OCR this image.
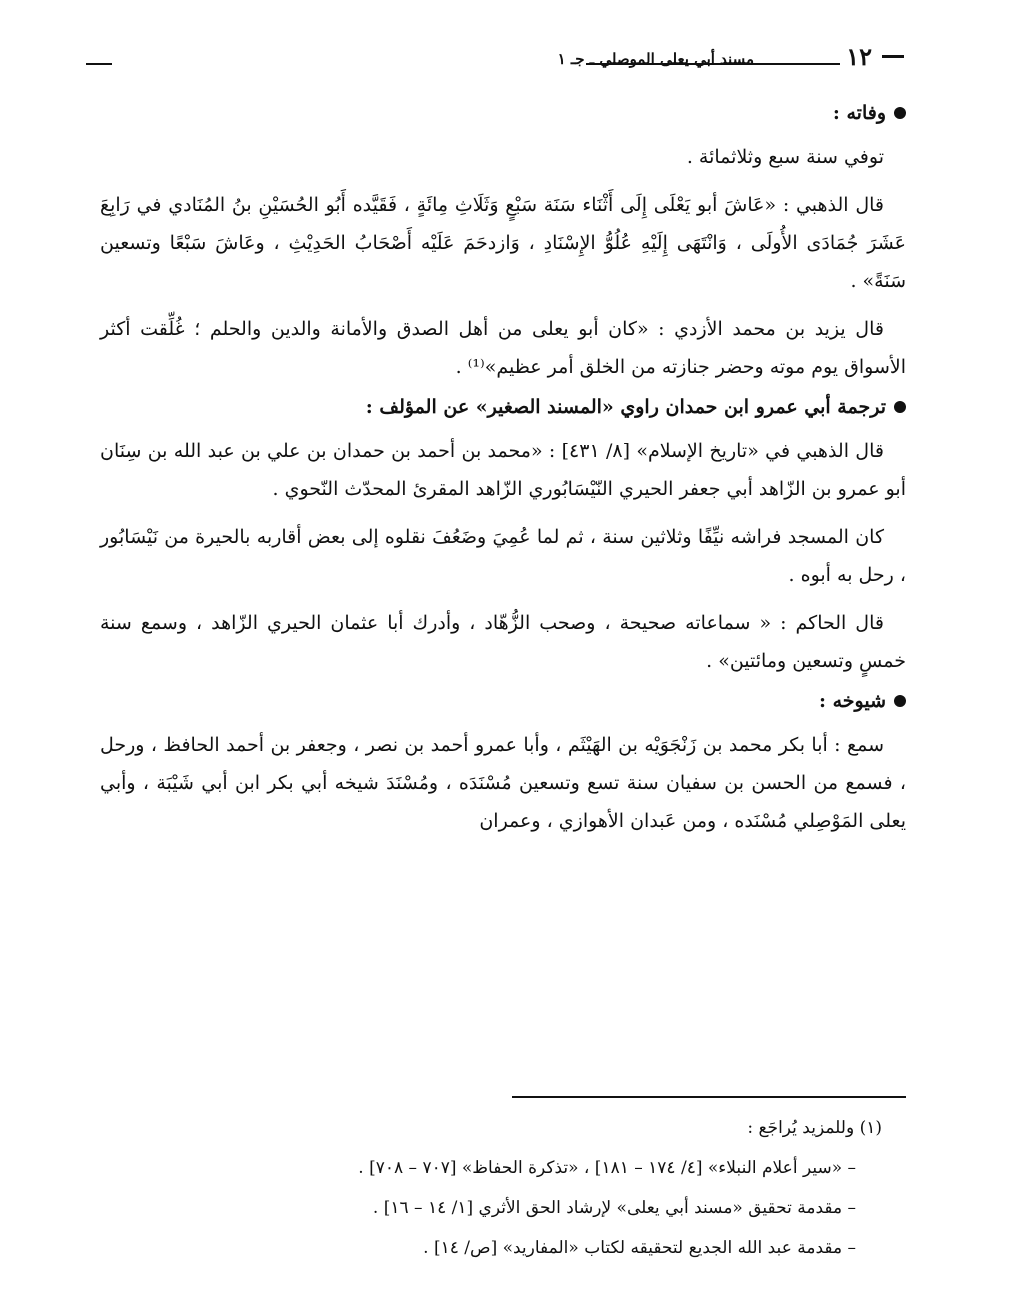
١٢
مسند أبي يعلى الموصلي ـ جـ ١
وفاته :

توفي سنة سبع وثلاثمائة .

قال الذهبي : «عَاشَ أبو يَعْلَى إِلَى أَثْنَاء سَنَة سَبْعٍ وَثَلَاثِ مِائَةٍ ، فَقَيَّده أَبُو الحُسَيْنِ بنُ المُنَادي في رَابِعَ عَشَرَ جُمَادَى الأُولَى ، وَانْتَهَى إِلَيْهِ عُلُوُّ الإِسْنَادِ ، وَازدحَمَ عَلَيْه أَصْحَابُ الحَدِيْثِ ، وعَاشَ سَبْعًا وتسعين سَنَةً» .

قال يزيد بن محمد الأزدي : «كان أبو يعلى من أهل الصدق والأمانة والدين والحلم ؛ غُلِّقت أكثر الأسواق يوم موته وحضر جنازته من الخلق أمر عظيم»⁽¹⁾ .

ترجمة أبي عمرو ابن حمدان راوي «المسند الصغير» عن المؤلف :

قال الذهبي في «تاريخ الإسلام» [٨/ ٤٣١] : «محمد بن أحمد بن حمدان بن علي بن عبد الله بن سِنَان أبو عمرو بن الزّاهد أبي جعفر الحيري النّيْسَابُوري الزّاهد المقرئ المحدّث النّحوي .

كان المسجد فراشه نيِّفًا وثلاثين سنة ، ثم لما عُمِيَ وضَعُفَ نقلوه إلى بعض أقاربه بالحيرة من نَيْسَابُور ، رحل به أبوه .

قال الحاكم : « سماعاته صحيحة ، وصحب الزُّهّاد ، وأدرك أبا عثمان الحيري الزّاهد ، وسمع سنة خمسٍ وتسعين ومائتين» .

شيوخه :

سمع : أبا بكر محمد بن زَنْجَوَيْه بن الهَيْثَم ، وأبا عمرو أحمد بن نصر ، وجعفر بن أحمد الحافظ ، ورحل ، فسمع من الحسن بن سفيان سنة تسع وتسعين مُسْنَدَه ، ومُسْنَدَ شيخه أبي بكر ابن أبي شَيْبَة ، وأبي يعلى المَوْصِلي مُسْنَده ، ومن عَبدان الأهوازي ، وعمران

(١) وللمزيد يُراجَع :
– «سير أعلام النبلاء» [٤/ ١٧٤ – ١٨١] ، «تذكرة الحفاظ» [٧٠٧ – ٧٠٨] .
– مقدمة تحقيق «مسند أبي يعلى» لإرشاد الحق الأثري [١/ ١٤ – ١٦] .
– مقدمة عبد الله الجديع لتحقيقه لكتاب «المفاريد» [ص/ ١٤] .
